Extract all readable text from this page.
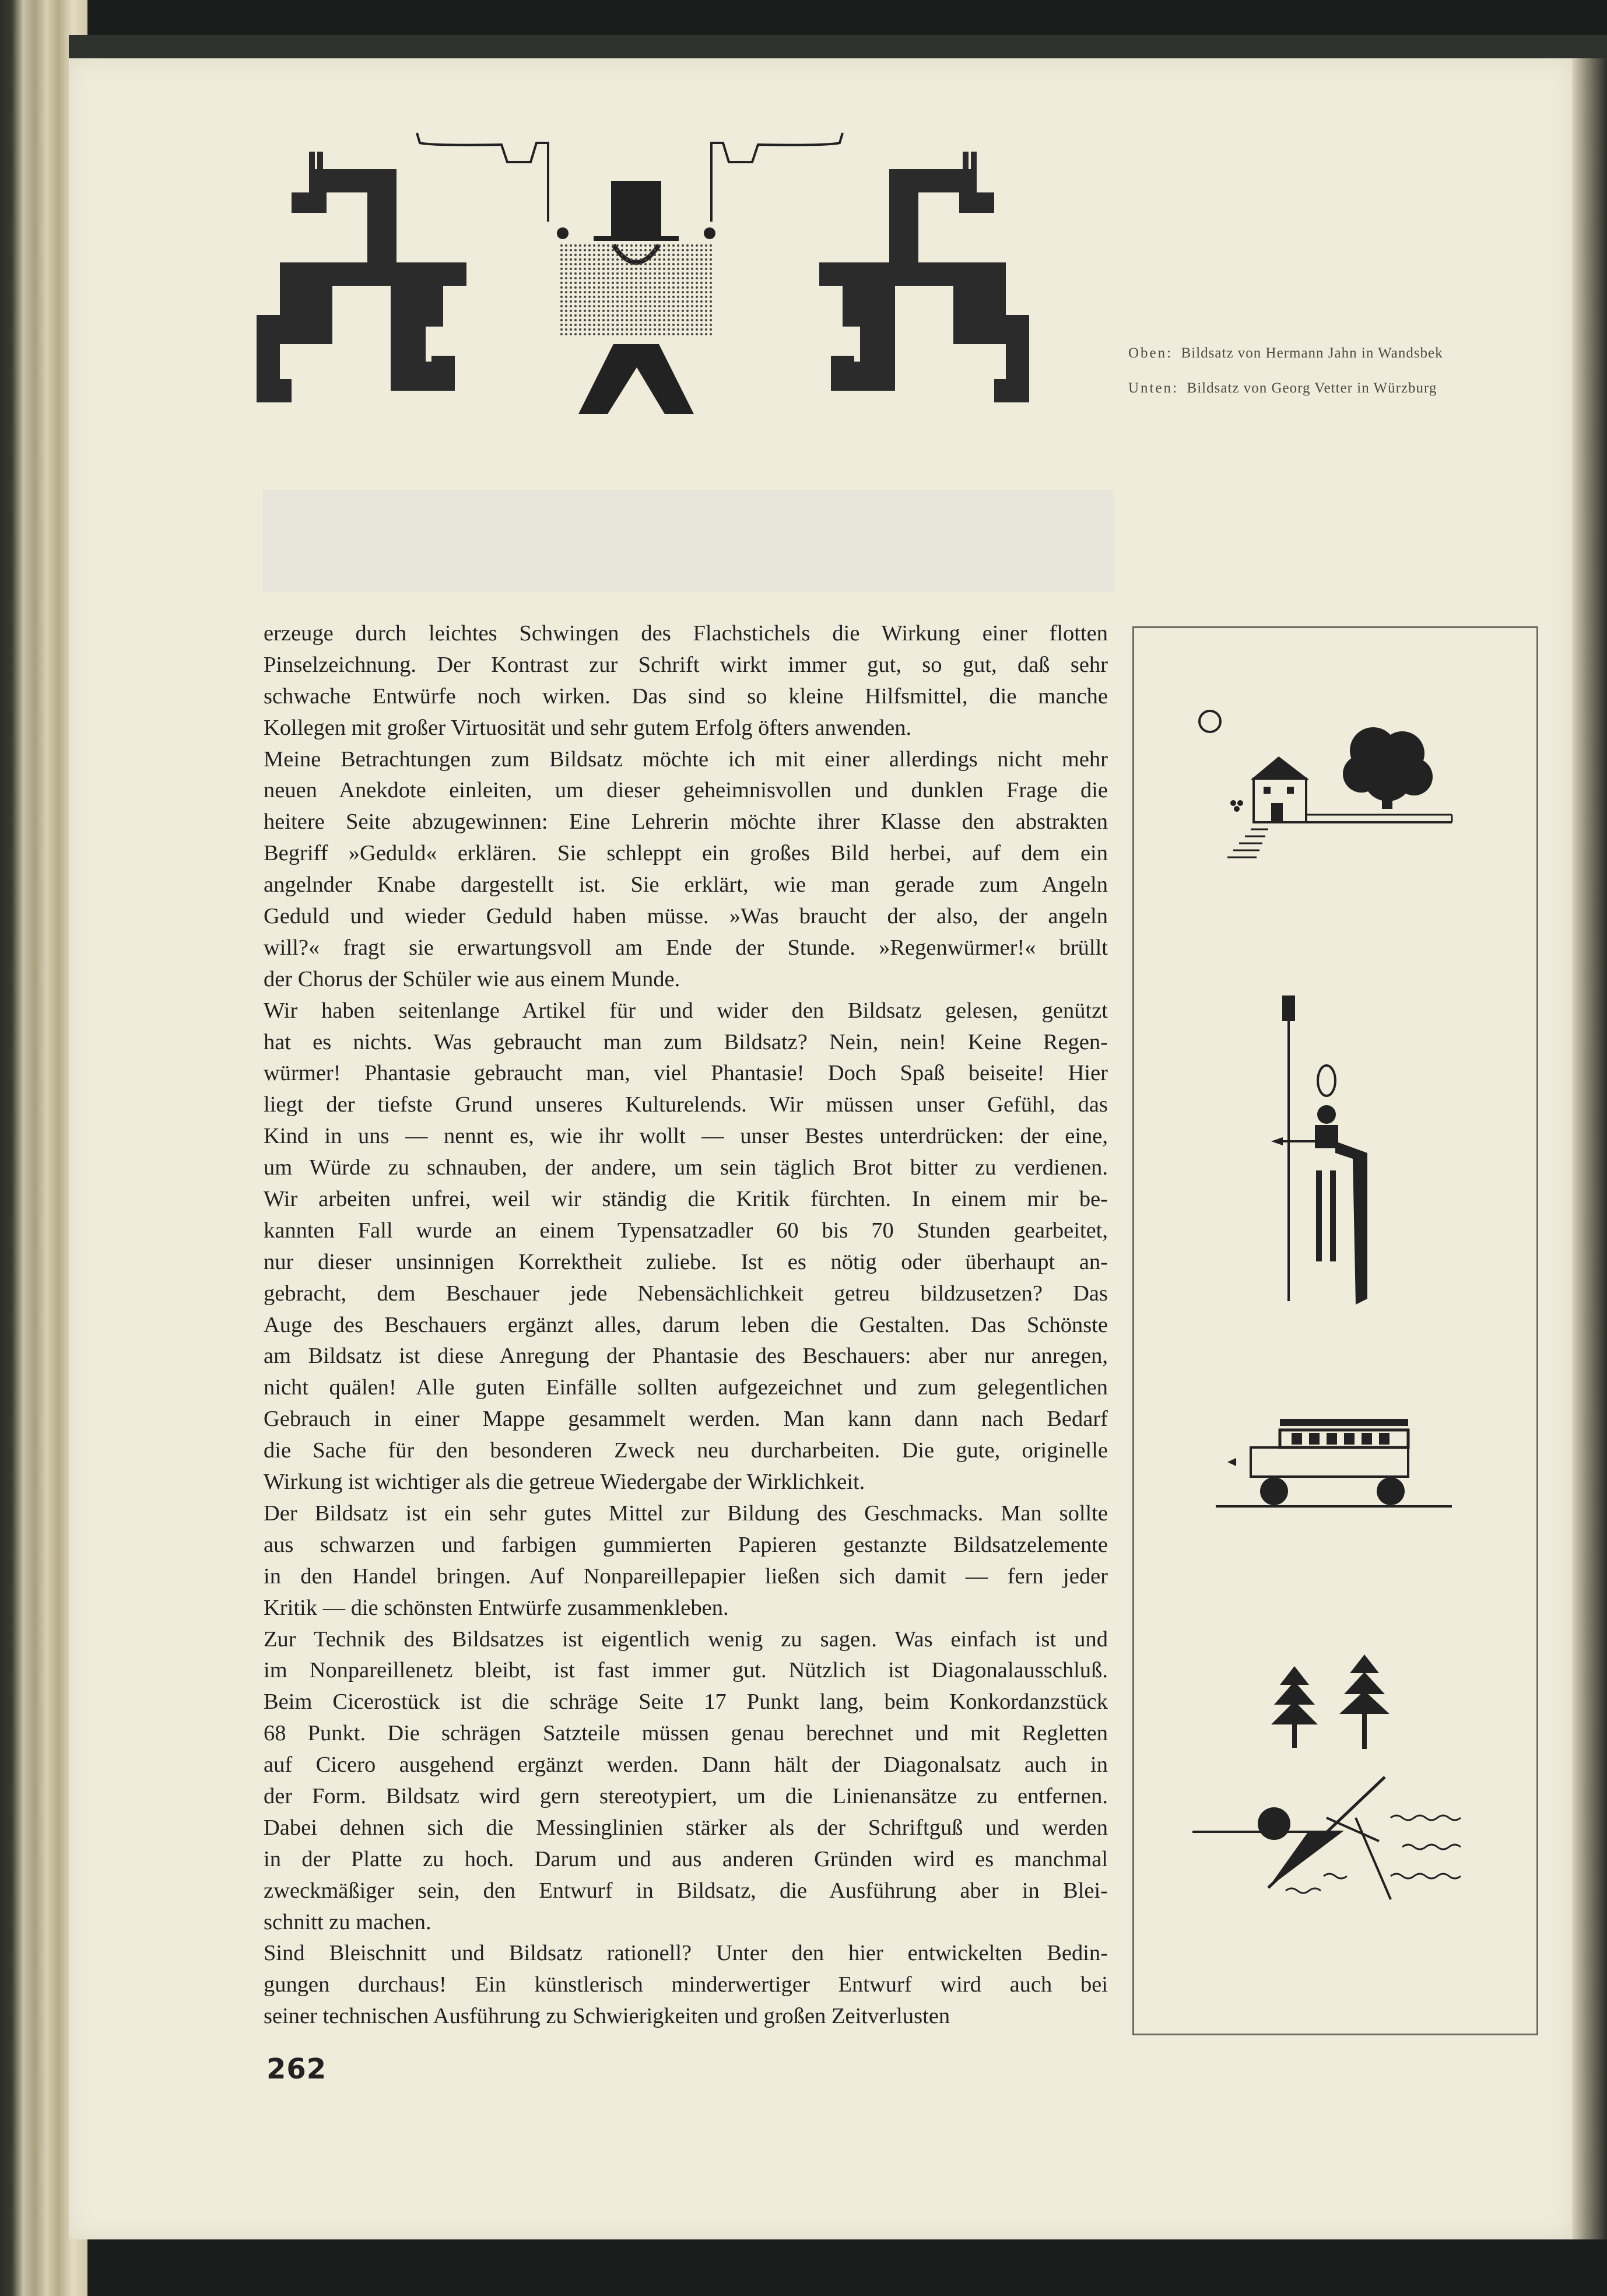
Oben: Bildsatz von Hermann Jahn in Wandsbek
Unten: Bildsatz von Georg Vetter in Würzburg
erzeuge durch leichtes Schwingen des Flachstichels die Wirkung einer flotten
Pinselzeichnung. Der Kontrast zur Schrift wirkt immer gut, so gut, daß sehr
schwache Entwürfe noch wirken. Das sind so kleine Hilfsmittel, die manche
Kollegen mit großer Virtuosität und sehr gutem Erfolg öfters anwenden.
Meine Betrachtungen zum Bildsatz möchte ich mit einer allerdings nicht mehr
neuen Anekdote einleiten, um dieser geheimnisvollen und dunklen Frage die
heitere Seite abzugewinnen: Eine Lehrerin möchte ihrer Klasse den abstrakten
Begriff »Geduld« erklären. Sie schleppt ein großes Bild herbei, auf dem ein
angelnder Knabe dargestellt ist. Sie erklärt, wie man gerade zum Angeln
Geduld und wieder Geduld haben müsse. »Was braucht der also, der angeln
will?« fragt sie erwartungsvoll am Ende der Stunde. »Regenwürmer!« brüllt
der Chorus der Schüler wie aus einem Munde.
Wir haben seitenlange Artikel für und wider den Bildsatz gelesen, genützt
hat es nichts. Was gebraucht man zum Bildsatz? Nein, nein! Keine Regen-
würmer! Phantasie gebraucht man, viel Phantasie! Doch Spaß beiseite! Hier
liegt der tiefste Grund unseres Kulturelends. Wir müssen unser Gefühl, das
Kind in uns — nennt es, wie ihr wollt — unser Bestes unterdrücken: der eine,
um Würde zu schnauben, der andere, um sein täglich Brot bitter zu verdienen.
Wir arbeiten unfrei, weil wir ständig die Kritik fürchten. In einem mir be-
kannten Fall wurde an einem Typensatzadler 60 bis 70 Stunden gearbeitet,
nur dieser unsinnigen Korrektheit zuliebe. Ist es nötig oder überhaupt an-
gebracht, dem Beschauer jede Nebensächlichkeit getreu bildzusetzen? Das
Auge des Beschauers ergänzt alles, darum leben die Gestalten. Das Schönste
am Bildsatz ist diese Anregung der Phantasie des Beschauers: aber nur anregen,
nicht quälen! Alle guten Einfälle sollten aufgezeichnet und zum gelegentlichen
Gebrauch in einer Mappe gesammelt werden. Man kann dann nach Bedarf
die Sache für den besonderen Zweck neu durcharbeiten. Die gute, originelle
Wirkung ist wichtiger als die getreue Wiedergabe der Wirklichkeit.
Der Bildsatz ist ein sehr gutes Mittel zur Bildung des Geschmacks. Man sollte
aus schwarzen und farbigen gummierten Papieren gestanzte Bildsatzelemente
in den Handel bringen. Auf Nonpareillepapier ließen sich damit — fern jeder
Kritik — die schönsten Entwürfe zusammenkleben.
Zur Technik des Bildsatzes ist eigentlich wenig zu sagen. Was einfach ist und
im Nonpareillenetz bleibt, ist fast immer gut. Nützlich ist Diagonalausschluß.
Beim Cicerostück ist die schräge Seite 17 Punkt lang, beim Konkordanzstück
68 Punkt. Die schrägen Satzteile müssen genau berechnet und mit Regletten
auf Cicero ausgehend ergänzt werden. Dann hält der Diagonalsatz auch in
der Form. Bildsatz wird gern stereotypiert, um die Linienansätze zu entfernen.
Dabei dehnen sich die Messinglinien stärker als der Schriftguß und werden
in der Platte zu hoch. Darum und aus anderen Gründen wird es manchmal
zweckmäßiger sein, den Entwurf in Bildsatz, die Ausführung aber in Blei-
schnitt zu machen.
Sind Bleischnitt und Bildsatz rationell? Unter den hier entwickelten Bedin-
gungen durchaus! Ein künstlerisch minderwertiger Entwurf wird auch bei
seiner technischen Ausführung zu Schwierigkeiten und großen Zeitverlusten
262
